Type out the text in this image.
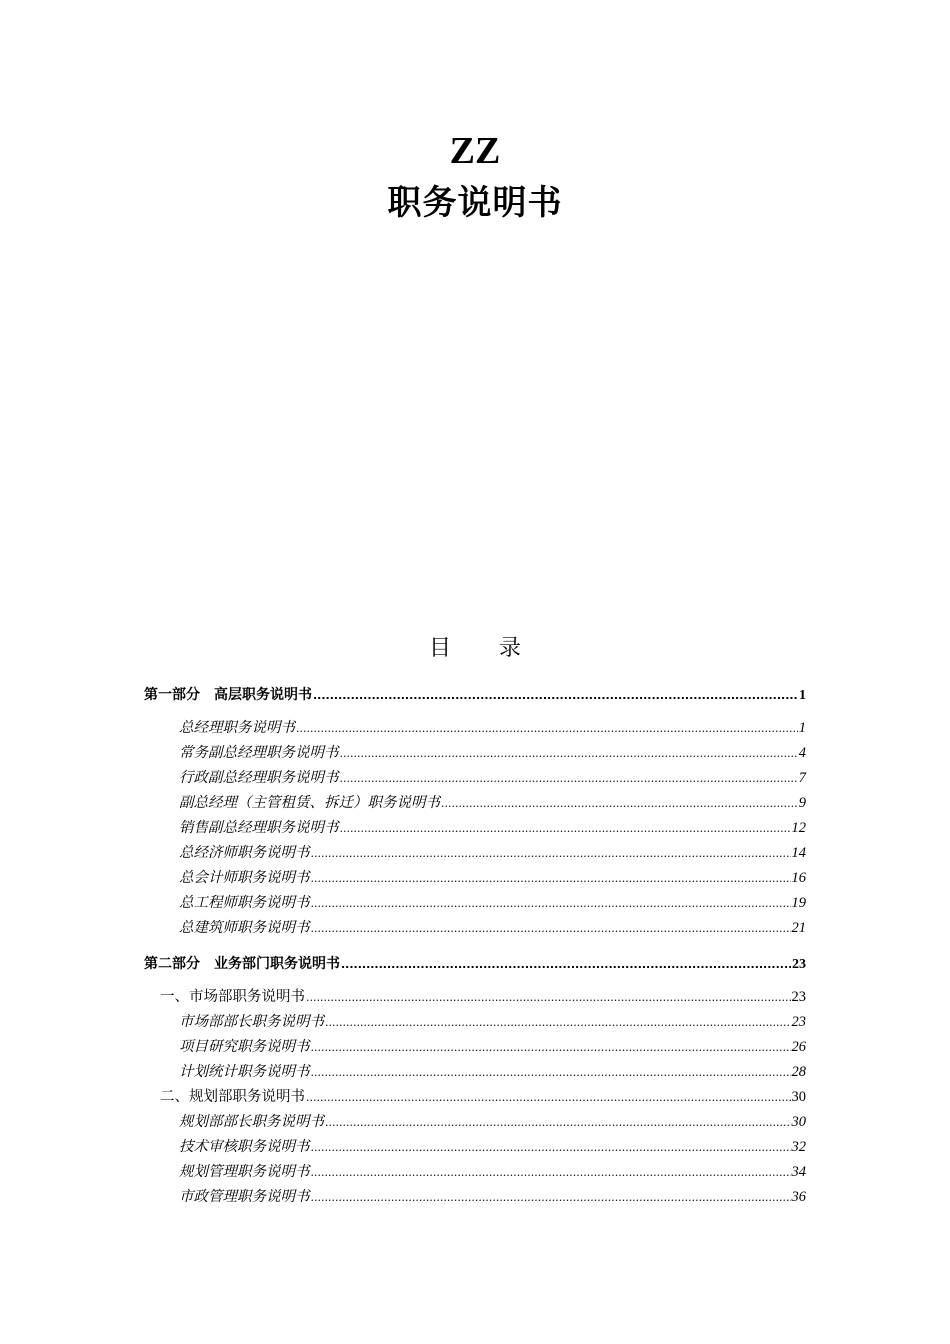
ZZ
职务说明书
目 录
第一部分　高层职务说明书 .....	1
总经理职务说明书 .....	1
常务副总经理职务说明书 .....	4
行政副总经理职务说明书 .....	7
副总经理（主管租赁、拆迁）职务说明书 .....	9
销售副总经理职务说明书 .....	12
总经济师职务说明书 .....	14
总会计师职务说明书 .....	16
总工程师职务说明书 .....	19
总建筑师职务说明书 .....	21
第二部分　业务部门职务说明书 .....	23
一、市场部职务说明书 .....	23
市场部部长职务说明书 .....	23
项目研究职务说明书 .....	26
计划统计职务说明书 .....	28
二、规划部职务说明书 .....	30
规划部部长职务说明书 .....	30
技术审核职务说明书 .....	32
规划管理职务说明书 .....	34
市政管理职务说明书 .....	36
